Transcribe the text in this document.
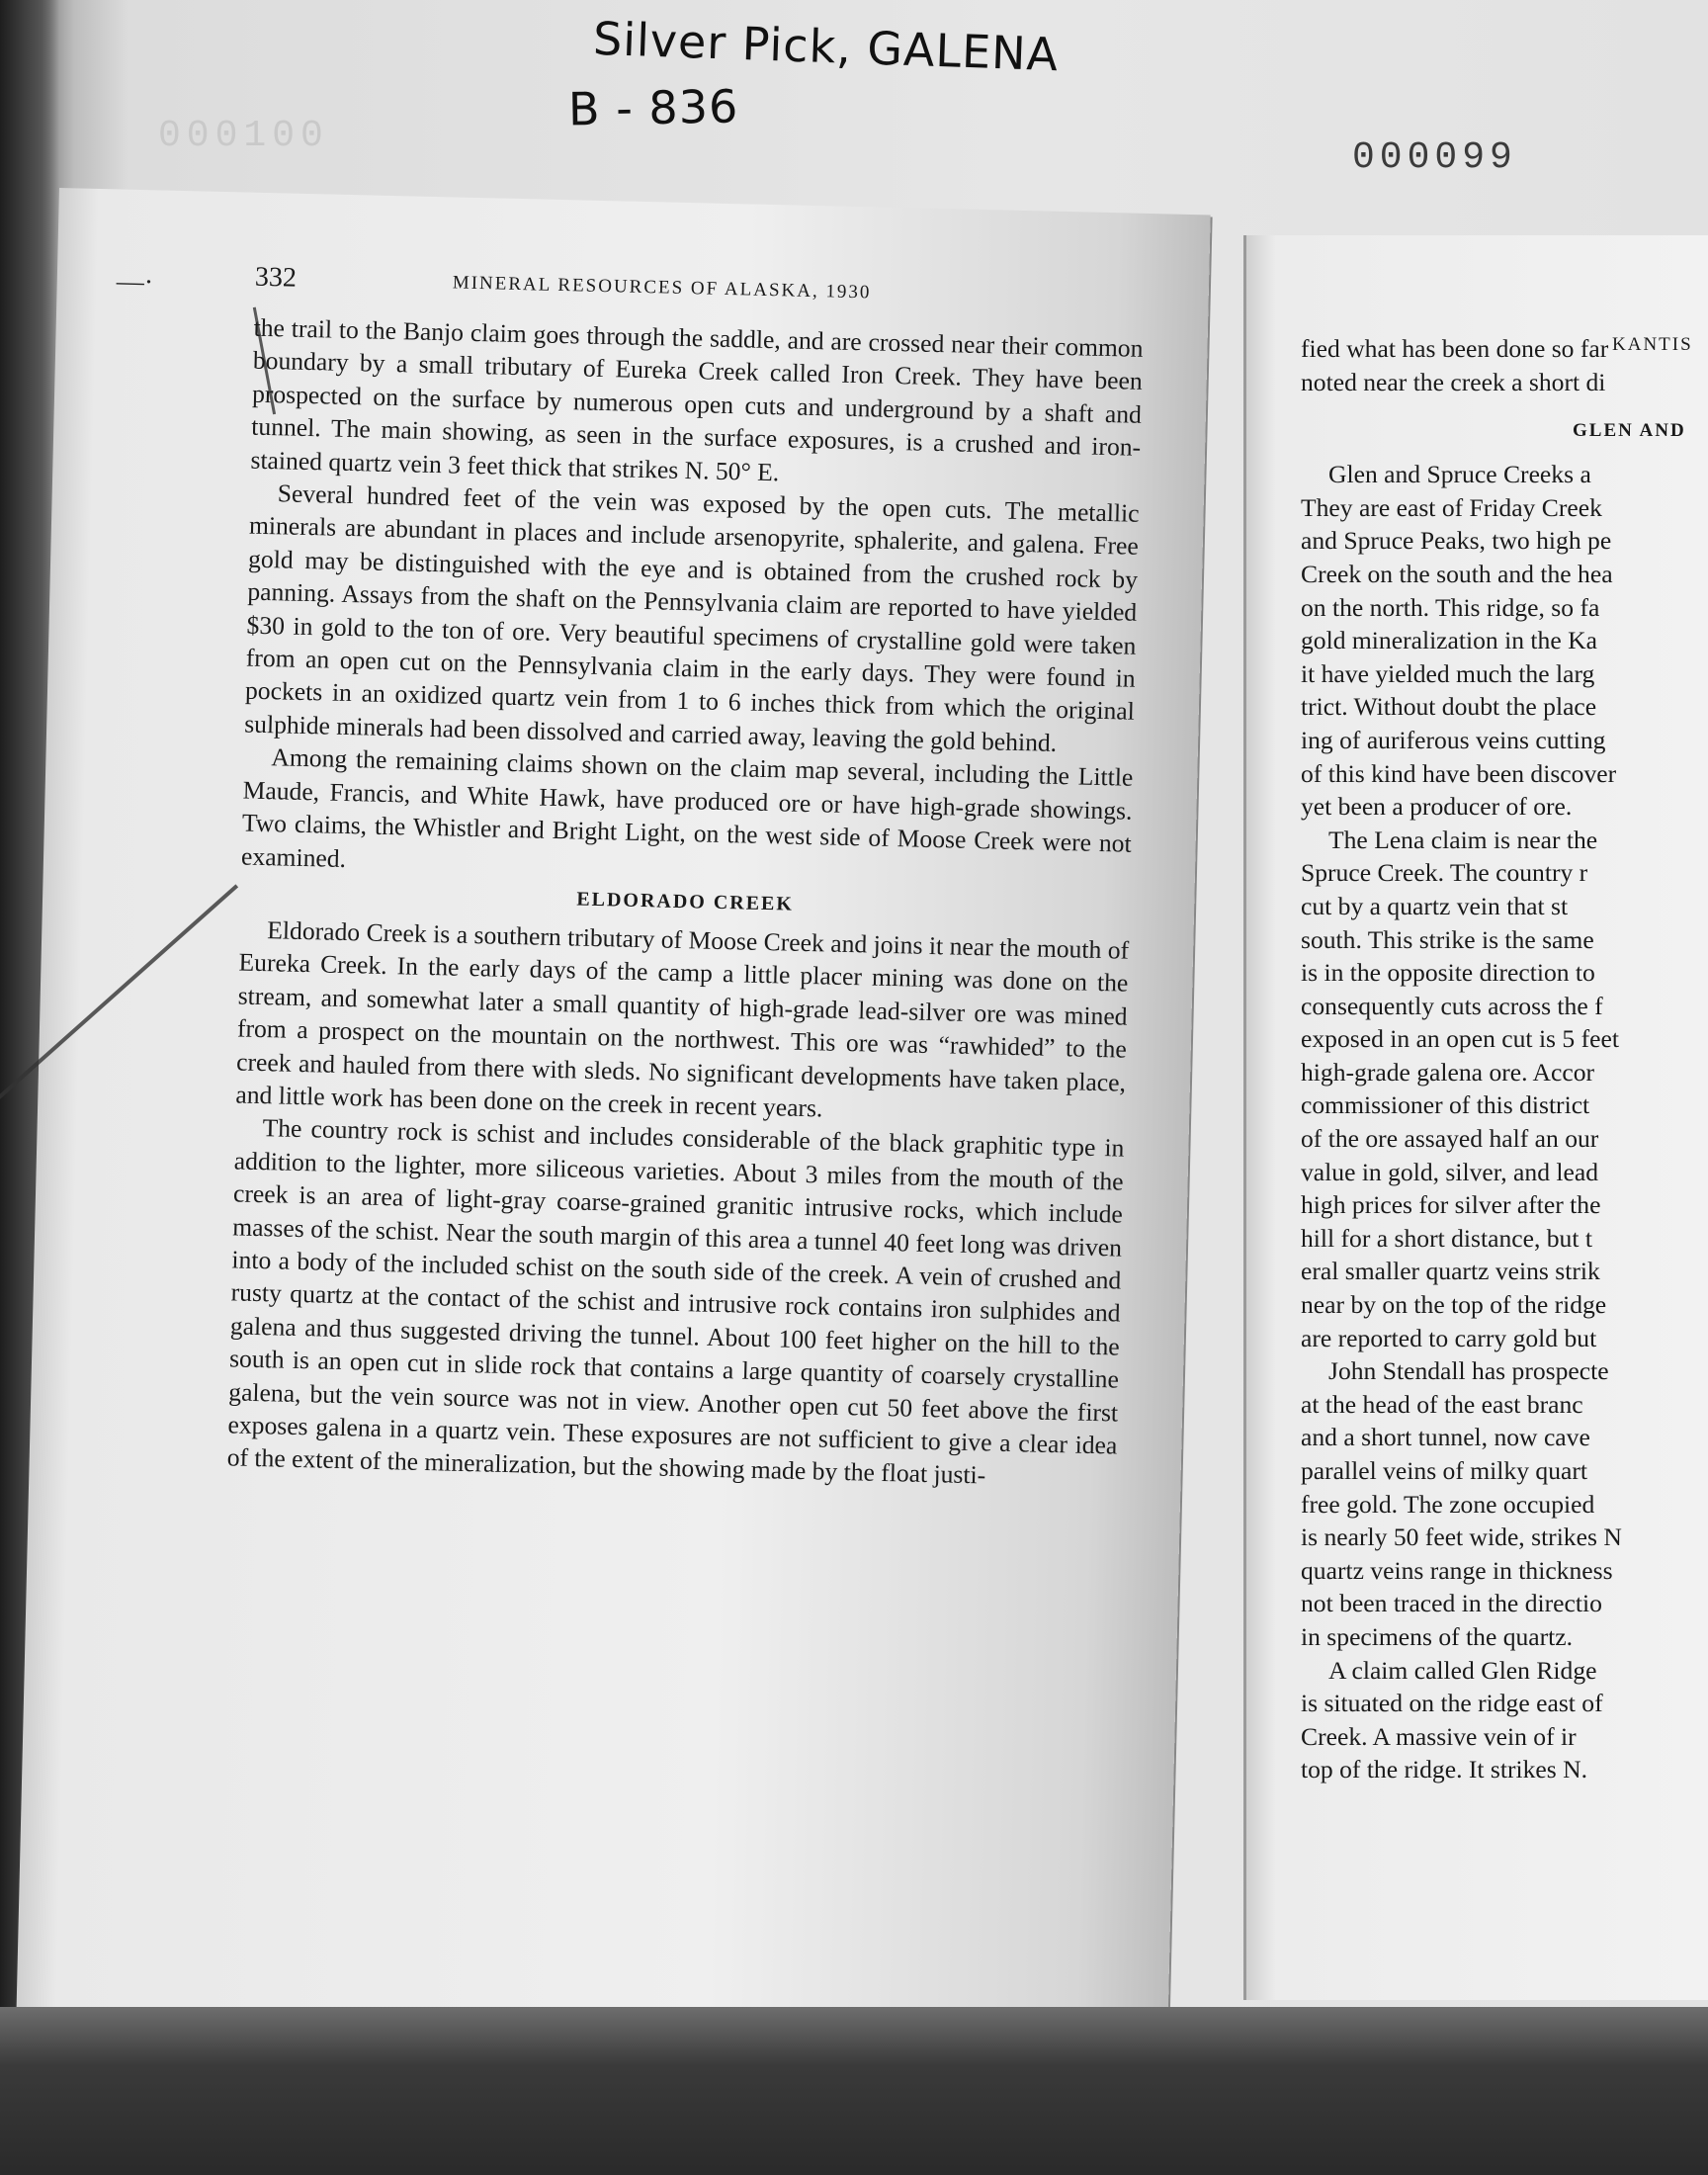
Silver Pick, GALENA
B - 836
000100
000099
—·	332	MINERAL RESOURCES OF ALASKA, 1930

the trail to the Banjo claim goes through the saddle, and are crossed near their common boundary by a small tributary of Eureka Creek called Iron Creek. They have been prospected on the surface by numerous open cuts and underground by a shaft and tunnel. The main showing, as seen in the surface exposures, is a crushed and iron-stained quartz vein 3 feet thick that strikes N. 50° E.

Several hundred feet of the vein was exposed by the open cuts. The metallic minerals are abundant in places and include arsenopyrite, sphalerite, and galena. Free gold may be distinguished with the eye and is obtained from the crushed rock by panning. Assays from the shaft on the Pennsylvania claim are reported to have yielded $30 in gold to the ton of ore. Very beautiful specimens of crystalline gold were taken from an open cut on the Pennsylvania claim in the early days. They were found in pockets in an oxidized quartz vein from 1 to 6 inches thick from which the original sulphide minerals had been dissolved and carried away, leaving the gold behind.

Among the remaining claims shown on the claim map several, including the Little Maude, Francis, and White Hawk, have produced ore or have high-grade showings. Two claims, the Whistler and Bright Light, on the west side of Moose Creek were not examined.

ELDORADO CREEK

Eldorado Creek is a southern tributary of Moose Creek and joins it near the mouth of Eureka Creek. In the early days of the camp a little placer mining was done on the stream, and somewhat later a small quantity of high-grade lead-silver ore was mined from a prospect on the mountain on the northwest. This ore was “rawhided” to the creek and hauled from there with sleds. No significant developments have taken place, and little work has been done on the creek in recent years.

The country rock is schist and includes considerable of the black graphitic type in addition to the lighter, more siliceous varieties. About 3 miles from the mouth of the creek is an area of light-gray coarse-grained granitic intrusive rocks, which include masses of the schist. Near the south margin of this area a tunnel 40 feet long was driven into a body of the included schist on the south side of the creek. A vein of crushed and rusty quartz at the contact of the schist and intrusive rock contains iron sulphides and galena and thus suggested driving the tunnel. About 100 feet higher on the hill to the south is an open cut in slide rock that contains a large quantity of coarsely crystalline galena, but the vein source was not in view. Another open cut 50 feet above the first exposes galena in a quartz vein. These exposures are not sufficient to give a clear idea of the extent of the mineralization, but the showing made by the float justi-

KANTIS

fied what has been done so far

noted near the creek a short di

GLEN AND

Glen and Spruce Creeks a

They are east of Friday Creek

and Spruce Peaks, two high pe

Creek on the south and the hea

on the north. This ridge, so fa

gold mineralization in the Ka

it have yielded much the larg

trict. Without doubt the place

ing of auriferous veins cutting

of this kind have been discover

yet been a producer of ore.

The Lena claim is near the

Spruce Creek. The country r

cut by a quartz vein that st

south. This strike is the same

is in the opposite direction to

consequently cuts across the f

exposed in an open cut is 5 feet

high-grade galena ore. Accor

commissioner of this district

of the ore assayed half an our

value in gold, silver, and lead

high prices for silver after the

hill for a short distance, but t

eral smaller quartz veins strik

near by on the top of the ridge

are reported to carry gold but

John Stendall has prospecte

at the head of the east branc

and a short tunnel, now cave

parallel veins of milky quart

free gold. The zone occupied

is nearly 50 feet wide, strikes N

quartz veins range in thickness

not been traced in the directio

in specimens of the quartz.

A claim called Glen Ridge

is situated on the ridge east of

Creek. A massive vein of ir

top of the ridge. It strikes N.
